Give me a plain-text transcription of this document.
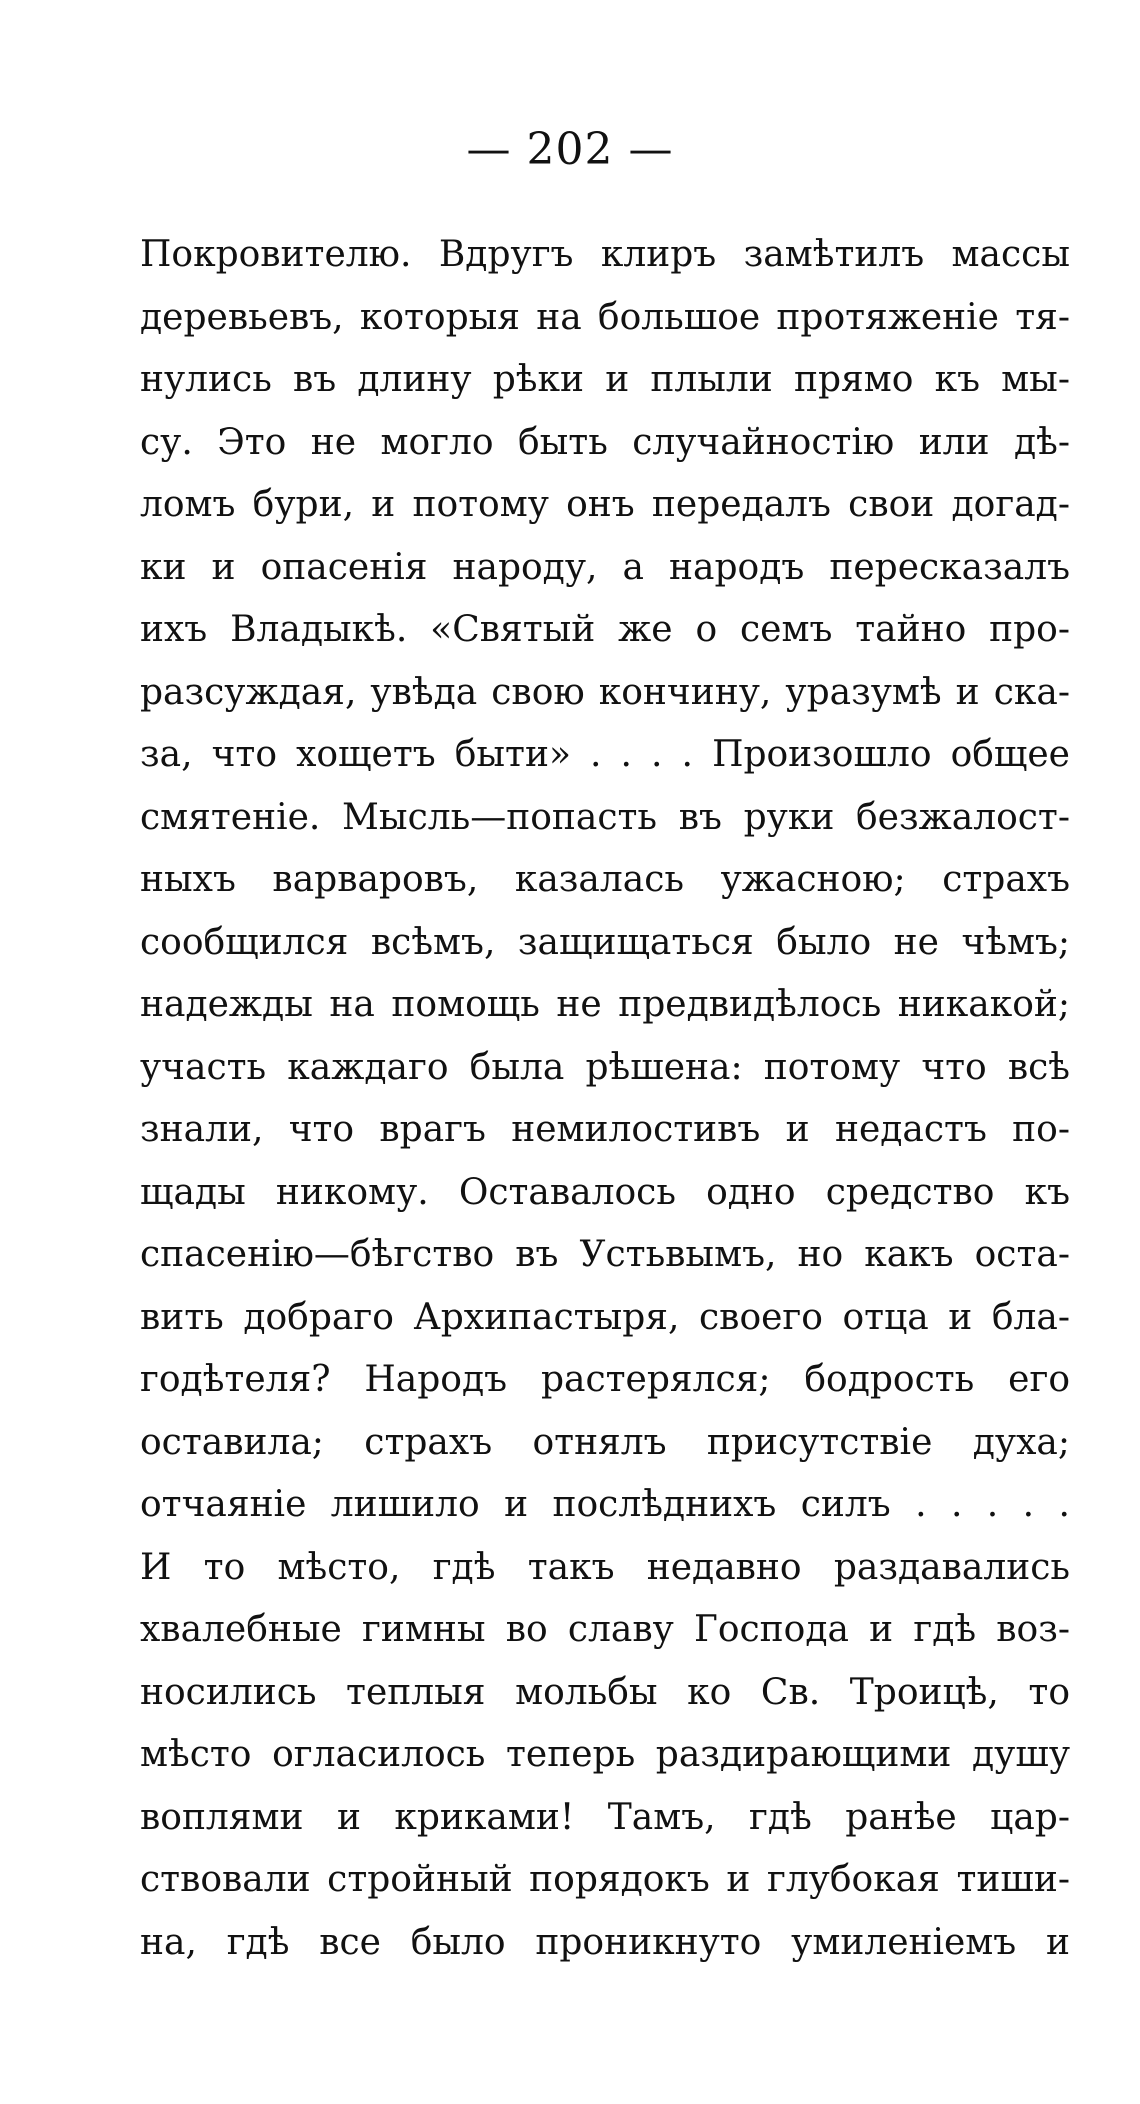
— 202 —
Покровителю. Вдругъ клиръ замѣтилъ массы
деревьевъ, которыя на большое протяженіе тя-
нулись въ длину рѣки и плыли прямо къ мы-
су. Это не могло быть случайностію или дѣ-
ломъ бури, и потому онъ передалъ свои догад-
ки и опасенія народу, а народъ пересказалъ
ихъ Владыкѣ. «Святый же о семъ тайно про-
разсуждая, увѣда свою кончину, уразумѣ и ска-
за, что хощетъ быти» . . . . Произошло общее
смятеніе. Мысль—попасть въ руки безжалост-
ныхъ варваровъ, казалась ужасною; страхъ
сообщился всѣмъ, защищаться было не чѣмъ;
надежды на помощь не предвидѣлось никакой;
участь каждаго была рѣшена: потому что всѣ
знали, что врагъ немилостивъ и недастъ по-
щады никому. Оставалось одно средство къ
спасенію—бѣгство въ Устьвымъ, но какъ оста-
вить добраго Архипастыря, своего отца и бла-
годѣтеля? Народъ растерялся; бодрость его
оставила; страхъ отнялъ присутствіе духа;
отчаяніе лишило и послѣднихъ силъ . . . . .
И то мѣсто, гдѣ такъ недавно раздавались
хвалебные гимны во славу Господа и гдѣ воз-
носились теплыя мольбы ко Св. Троицѣ, то
мѣсто огласилось теперь раздирающими душу
воплями и криками! Тамъ, гдѣ ранѣе цар-
ствовали стройный порядокъ и глубокая тиши-
на, гдѣ все было проникнуто умиленіемъ и
